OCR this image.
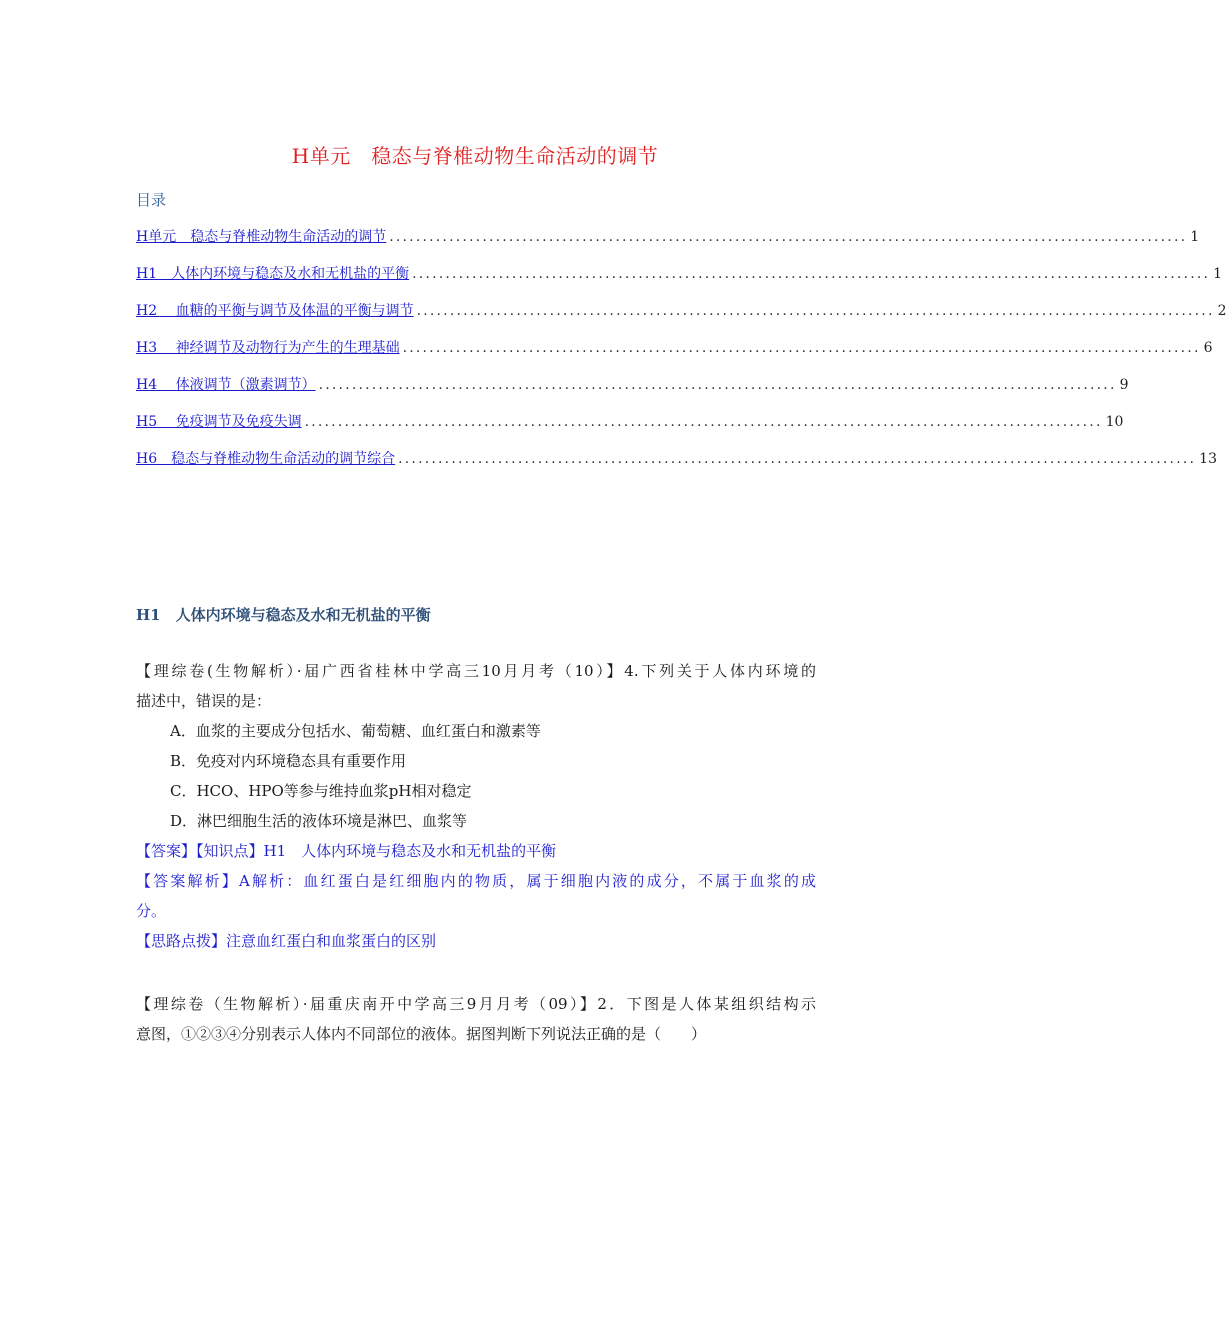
H单元　稳态与脊椎动物生命活动的调节
目录
H单元　稳态与脊椎动物生命活动的调节 ........................................................................................................................ 1
H1　人体内环境与稳态及水和无机盐的平衡 ........................................................................................................................ 1
H2　 血糖的平衡与调节及体温的平衡与调节 ........................................................................................................................ 2
H3　 神经调节及动物行为产生的生理基础 ........................................................................................................................ 6
H4　 体液调节（激素调节） ........................................................................................................................ 9
H5　 免疫调节及免疫失调 ........................................................................................................................ 10
H6　稳态与脊椎动物生命活动的调节综合 ........................................................................................................................ 13
H1　人体内环境与稳态及水和无机盐的平衡
【理综卷(生物解析）·届广西省桂林中学高三10月月考（10）】4.下列关于人体内环境的
描述中，错误的是：
A．血浆的主要成分包括水、葡萄糖、血红蛋白和激素等
B．免疫对内环境稳态具有重要作用
C．HCO、HPO等参与维持血浆pH相对稳定
D．淋巴细胞生活的液体环境是淋巴、血浆等
【答案】【知识点】H1　人体内环境与稳态及水和无机盐的平衡
【答案解析】A解析：血红蛋白是红细胞内的物质，属于细胞内液的成分，不属于血浆的成
分。
【思路点拨】注意血红蛋白和血浆蛋白的区别
【理综卷（生物解析）·届重庆南开中学高三9月月考（09）】2．下图是人体某组织结构示
意图，①②③④分别表示人体内不同部位的液体。据图判断下列说法正确的是（　　）
